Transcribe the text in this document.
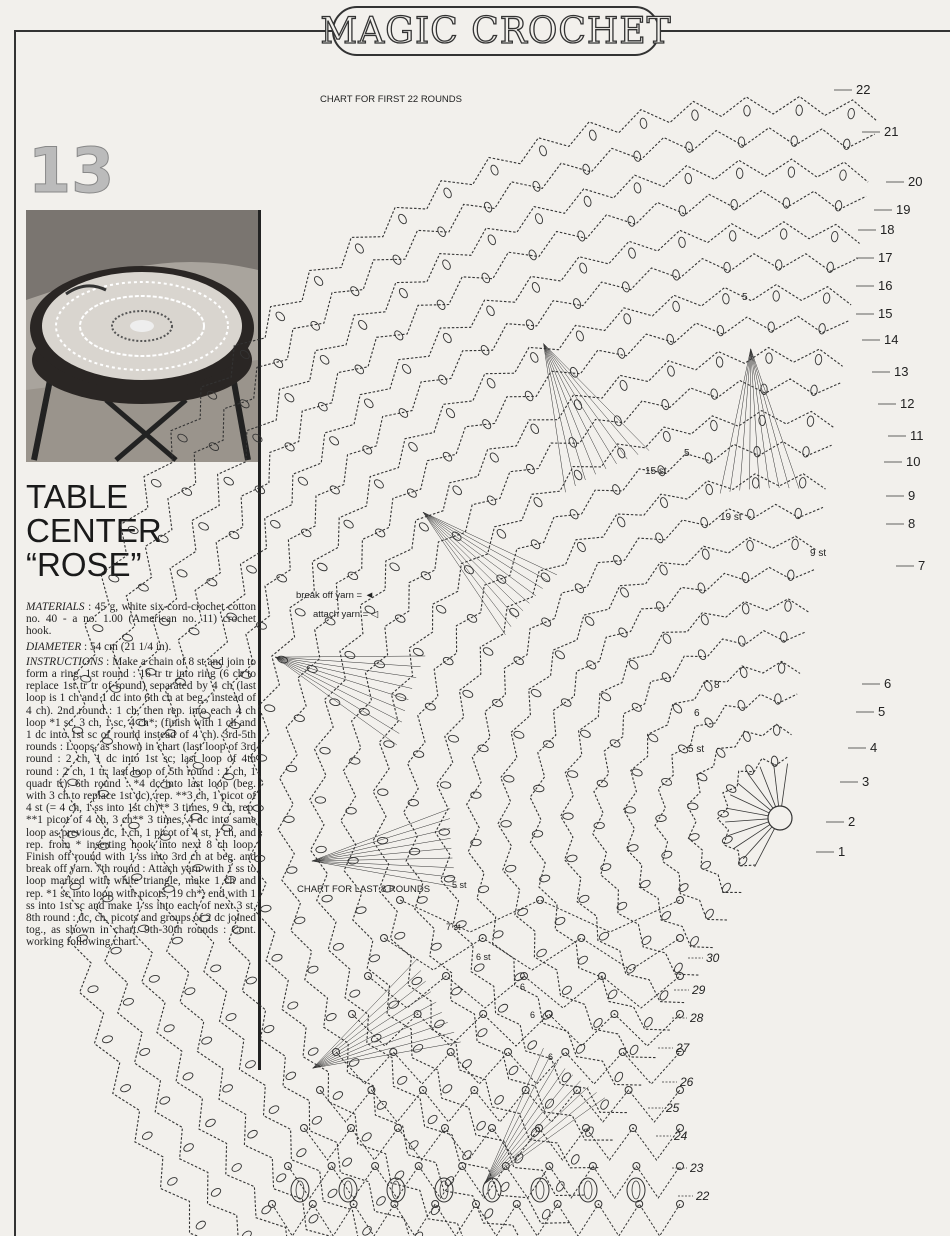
MAGIC CROCHET
13
TABLE
CENTER
“ROSE”

MATERIALS : 45 g, white six-cord-crochet cotton no. 40 - a no. 1.00 (American no. 11) crochet hook.

DIAMETER : 54 cm (21 1/4 in).

INSTRUCTIONS : Make a chain of 8 st and join to form a ring. 1st round : 16 tr tr into ring (6 ch to replace 1st tr tr of round) separated by 4 ch (last loop is 1 ch and 1 dc into 6th ch at beg., instead of 4 ch). 2nd round : 1 ch, then rep. into each 4 ch loop *1 sc, 3 ch, 1 sc, 4 ch*; (finish with 1 ch and 1 dc into 1st sc of round instead of 4 ch). 3rd-5th rounds : Loops, as shown in chart (last loop of 3rd round : 2 ch, 1 dc into 1st sc; last loop of 4th round : 2 ch, 1 tr; last loop of 5th round : 1 ch, 1 quadr tr). 6th round : *4 dc into last loop (beg. with 3 ch to replace 1st dc), rep. **3 ch, 1 picot of 4 st (= 4 ch, 1 ss into 1st ch)** 3 times, 9 ch, rep. **1 picot of 4 ch, 3 ch** 3 times, 4 dc into same loop as previous dc, 1 ch, 1 picot of 4 st, 1 ch, and rep. from * inserting hook into next 8 ch loop. Finish off round with 1 ss into 3rd ch at beg. and break off yarn. 7th round : Attach yarn with 1 ss to loop marked with white triangle, make 1 ch and rep. *1 sc into loop with picots, 19 ch*; end with 1 ss into 1st sc and make 1 ss into each of next 3 st. 8th round : dc, ch, picots and groups of 2 dc joined tog., as shown in chart. 9th-30th rounds : Cont. working following chart.

CHART FOR FIRST 22 ROUNDS
CHART FOR LAST 8 ROUNDS
break off yarn = ◄
attach yarn = ◁
1
2
3
4
5
6
7
8
9
10
11
12
13
14
15
16
17
18
19
20
21
22
15 st
19 st
9 st
8
6
5 st
5
5
22
23
24
25
26
27
28
29
30
5 st
7 st
6 st
6
6
6
